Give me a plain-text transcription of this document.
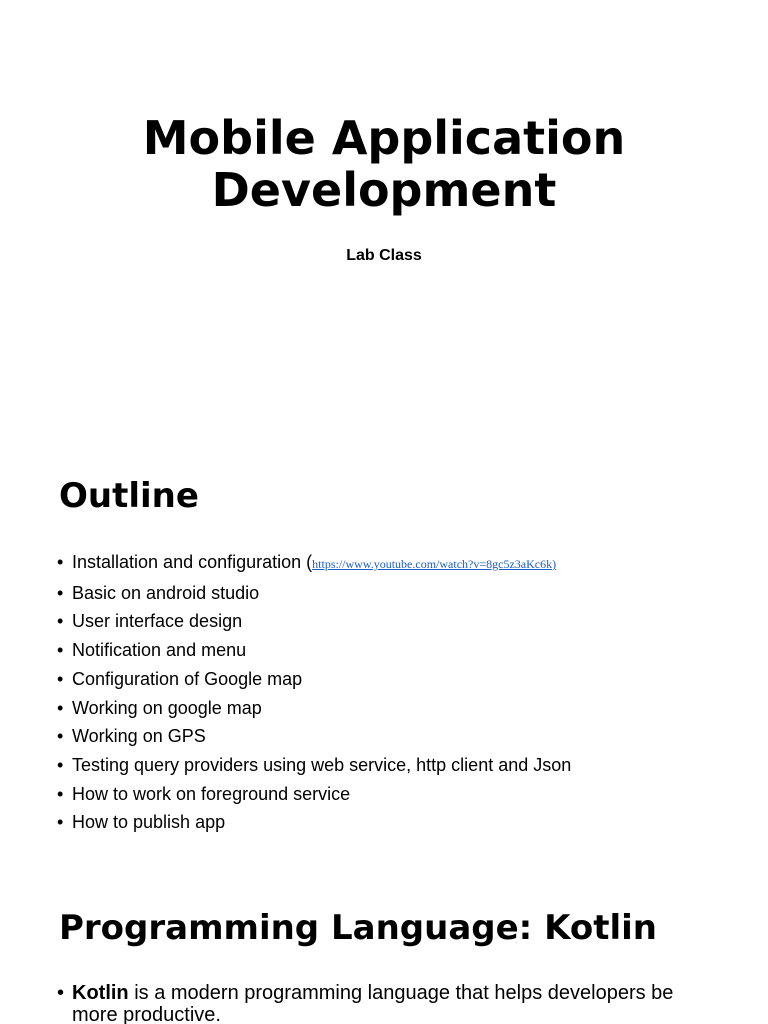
Mobile Application
Development

Lab Class

Outline
• Installation and configuration (https://www.youtube.com/watch?v=8gc5z3aKc6k)
• Basic on android studio
• User interface design
• Notification and menu
• Configuration of Google map
• Working on google map
• Working on GPS
• Testing query providers using web service, http client and Json
• How to work on foreground service
• How to publish app
Programming Language: Kotlin

• Kotlin is a modern programming language that helps developers be more productive.
